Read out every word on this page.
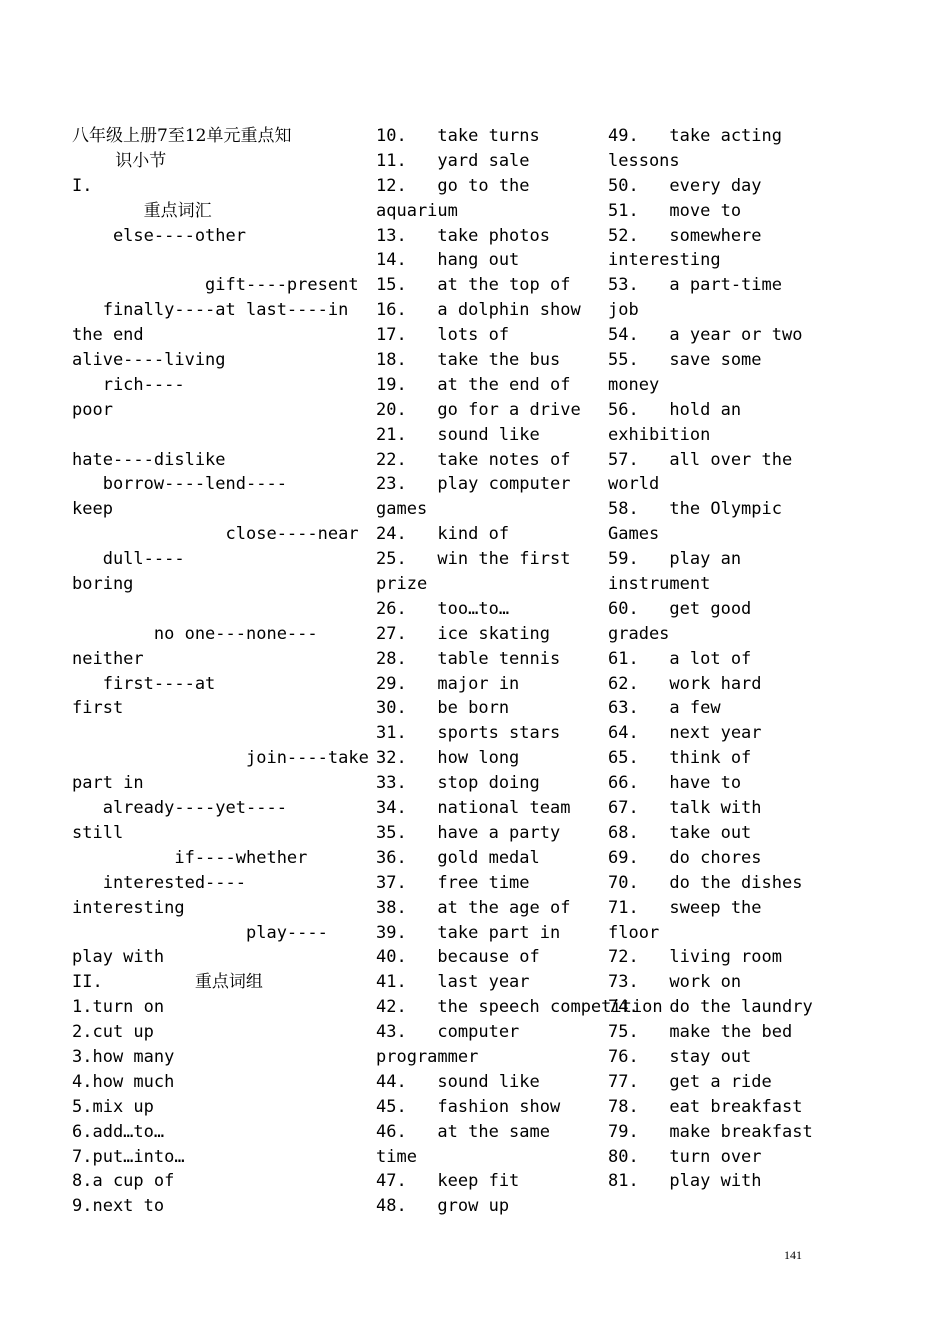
八年级上册7至12单元重点知
识小节
I.
重点词汇
else----other
gift----present
finally----at last----in
the end
alive----living
rich----
poor
hate----dislike
borrow----lend----
keep
close----near
dull----
boring
no one---none---
neither
first----at
first
join----take
part in
already----yet----
still
if----whether
interested----
interesting
play----
play with
II.         重点词组
1.turn on
2.cut up
3.how many
4.how much
5.mix up
6.add…to…
7.put…into…
8.a cup of
9.next to
10.   take turns
11.   yard sale
12.   go to the
aquarium
13.   take photos
14.   hang out
15.   at the top of
16.   a dolphin show
17.   lots of
18.   take the bus
19.   at the end of
20.   go for a drive
21.   sound like
22.   take notes of
23.   play computer
games
24.   kind of
25.   win the first
prize
26.   too…to…
27.   ice skating
28.   table tennis
29.   major in
30.   be born
31.   sports stars
32.   how long
33.   stop doing
34.   national team
35.   have a party
36.   gold medal
37.   free time
38.   at the age of
39.   take part in
40.   because of
41.   last year
42.   the speech competition
43.   computer
programmer
44.   sound like
45.   fashion show
46.   at the same
time
47.   keep fit
48.   grow up
49.   take acting
lessons
50.   every day
51.   move to
52.   somewhere
interesting
53.   a part-time
job
54.   a year or two
55.   save some
money
56.   hold an
exhibition
57.   all over the
world
58.   the Olympic
Games
59.   play an
instrument
60.   get good
grades
61.   a lot of
62.   work hard
63.   a few
64.   next year
65.   think of
66.   have to
67.   talk with
68.   take out
69.   do chores
70.   do the dishes
71.   sweep the
floor
72.   living room
73.   work on
74.   do the laundry
75.   make the bed
76.   stay out
77.   get a ride
78.   eat breakfast
79.   make breakfast
80.   turn over
81.   play with
141
